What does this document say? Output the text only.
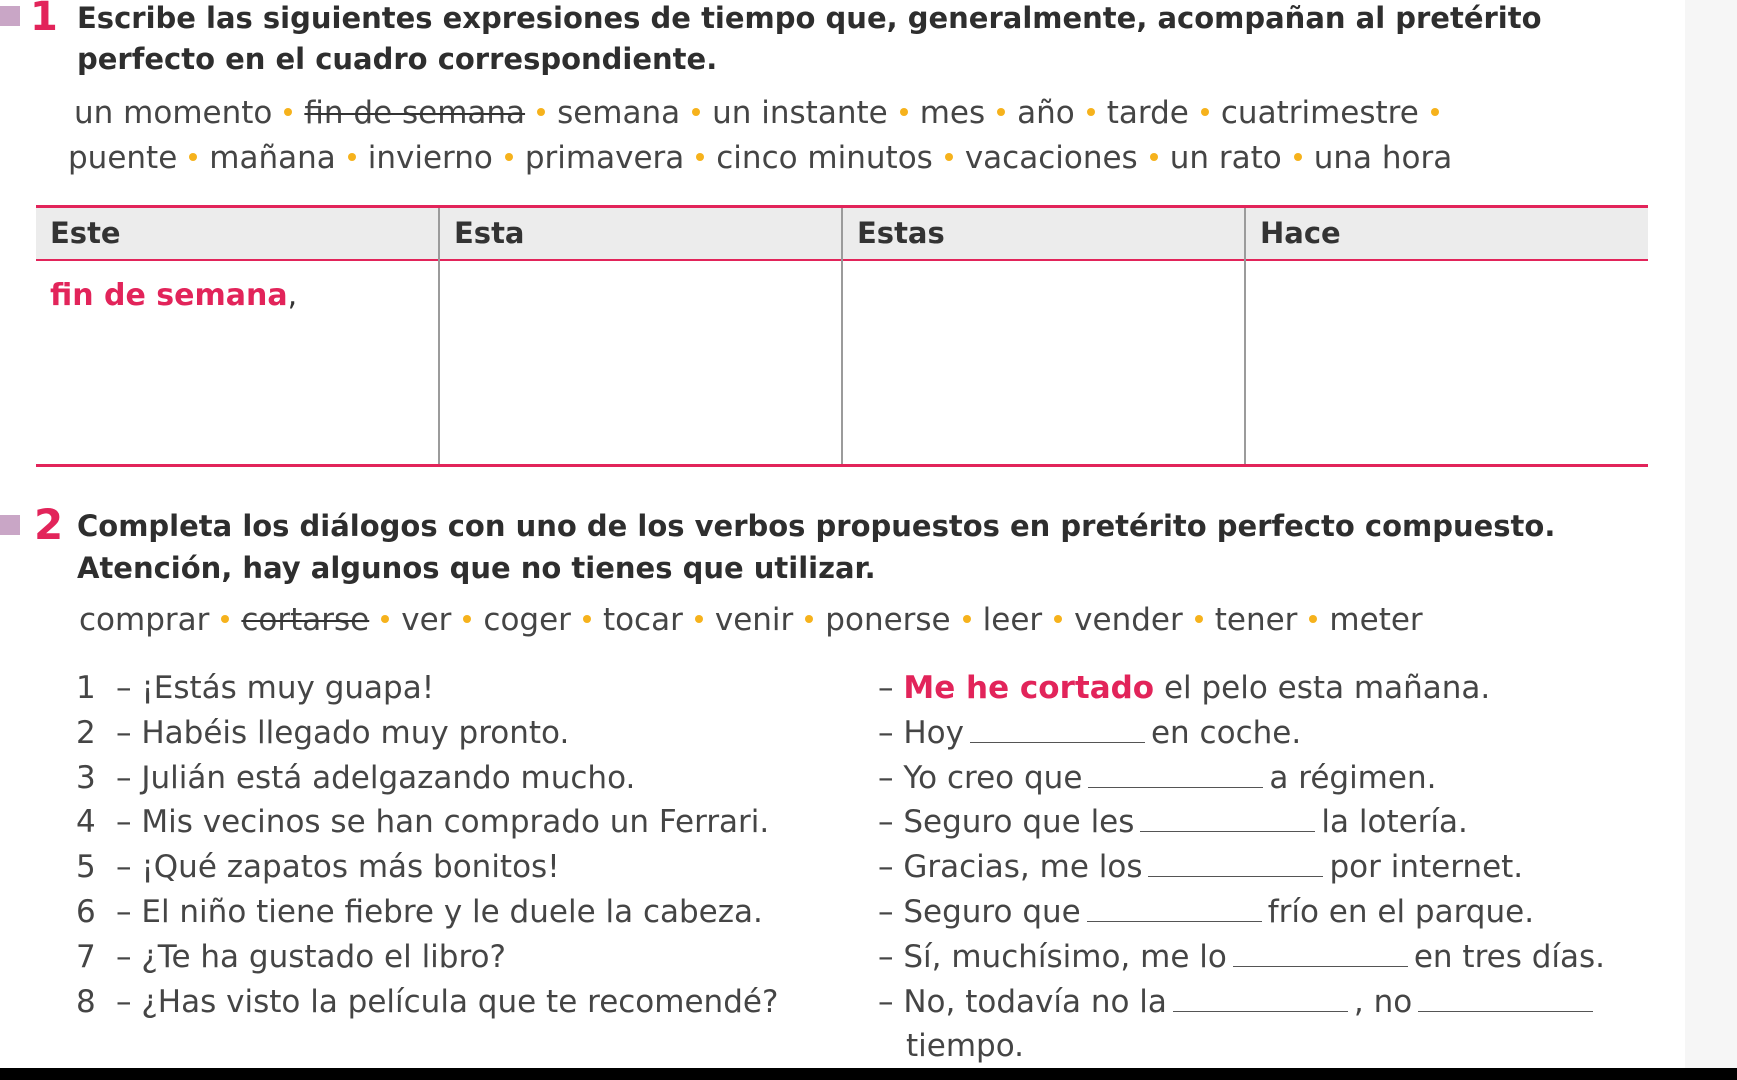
1 Escribe las siguientes expresiones de tiempo que, generalmente, acompañan al pretérito

perfecto en el cuadro correspondiente.

un momento fin de semana semana un instante mes año tarde cuatrimestre
puente mañana invierno primavera cinco minutos vacaciones un rato una hora
Este	Esta	Estas	Hace
fin de semana,
2 Completa los diálogos con uno de los verbos propuestos en pretérito perfecto compuesto.

Atención, hay algunos que no tienes que utilizar.

comprar cortarse ver coger tocar venir ponerse leer vender tener meter
1 – ¡Estás muy guapa!	– Me he cortado el pelo esta mañana.
2 – Habéis llegado muy pronto.	– Hoy	en coche.
3 – Julián está adelgazando mucho.	– Yo creo que	a régimen.
4 – Mis vecinos se han comprado un Ferrari.	– Seguro que les	la lotería.
5 – ¡Qué zapatos más bonitos!	– Gracias, me los	por internet.
6 – El niño tiene fiebre y le duele la cabeza.	– Seguro que	frío en el parque.
7 – ¿Te ha gustado el libro?	– Sí, muchísimo, me lo	en tres días.
8 – ¿Has visto la película que te recomendé?	– No, todavía no la	, no
tiempo.
